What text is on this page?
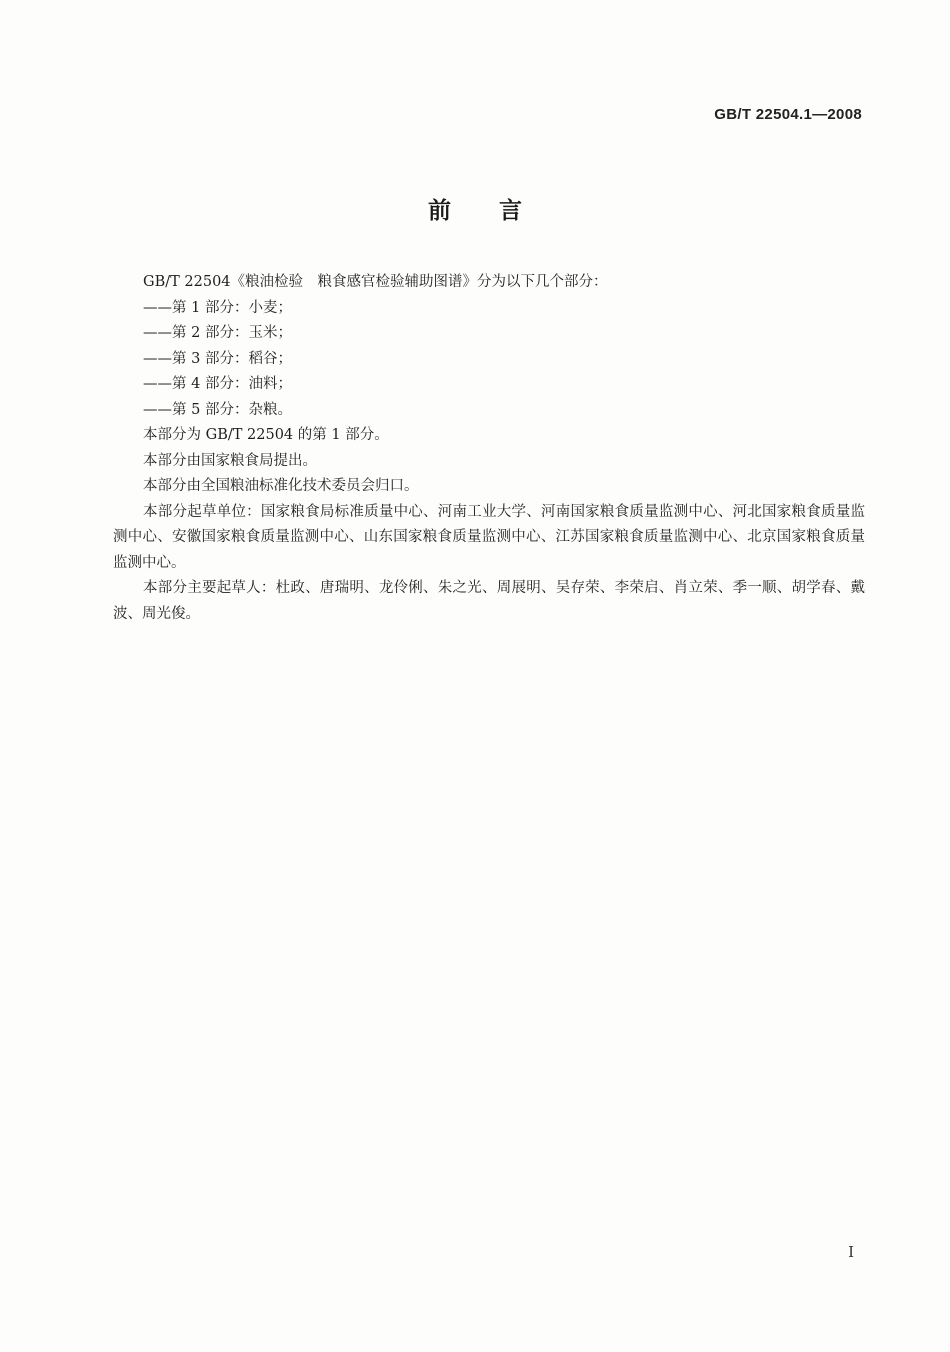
GB/T 22504.1—2008
前言

GB/T 22504《粮油检验　粮食感官检验辅助图谱》分为以下几个部分：

——第 1 部分：小麦；

——第 2 部分：玉米；

——第 3 部分：稻谷；

——第 4 部分：油料；

——第 5 部分：杂粮。

本部分为 GB/T 22504 的第 1 部分。

本部分由国家粮食局提出。

本部分由全国粮油标准化技术委员会归口。

本部分起草单位：国家粮食局标准质量中心、河南工业大学、河南国家粮食质量监测中心、河北国家粮食质量监测中心、安徽国家粮食质量监测中心、山东国家粮食质量监测中心、江苏国家粮食质量监测中心、北京国家粮食质量监测中心。

本部分主要起草人：杜政、唐瑞明、龙伶俐、朱之光、周展明、吴存荣、李荣启、肖立荣、季一顺、胡学春、戴波、周光俊。

I
